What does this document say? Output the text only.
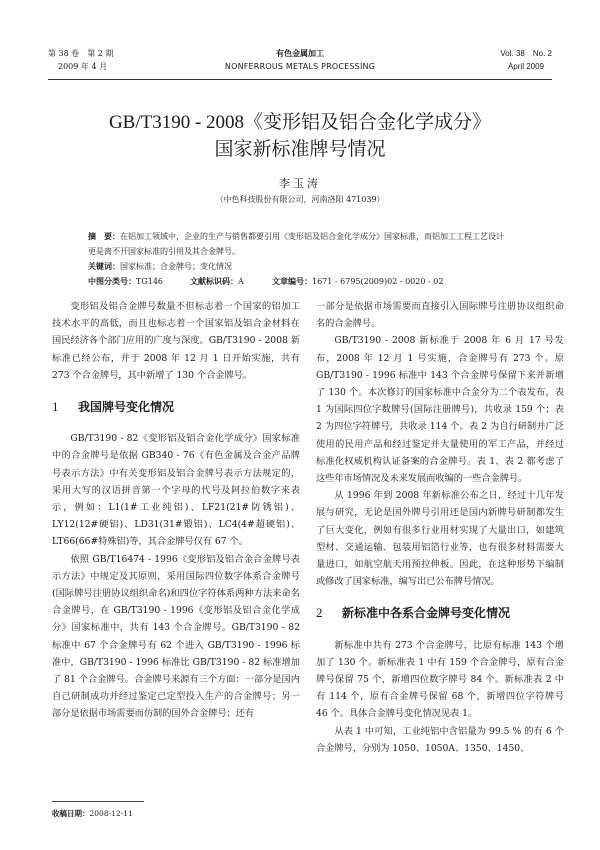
第 38 卷　第 2 期
2009 年 4 月
有色金属加工
NONFERROUS METALS PROCESSING
Vol. 38　No. 2
April 2009
GB/T3190 - 2008《变形铝及铝合金化学成分》
国家新标准牌号情况
李玉涛
（中色科技股份有限公司，河南洛阳 471039）
摘　要：在铝加工领域中，企业的生产与销售都要引用《变形铝及铝合金化学成分》国家标准，而铝加工工程工艺设计更是离不开国家标准的引用及其合金牌号。
关键词：国家标准；合金牌号；变化情况
中图分类号：TG146	文献标识码：A	文章编号：1671 - 6795(2009)02 - 0020 - 02

变形铝及铝合金牌号数量不但标志着一个国家的铝加工技术水平的高低，而且也标志着一个国家铝及铝合金材料在国民经济各个部门应用的广度与深度。GB/T3190 - 2008 新标准已经公布，并于 2008 年 12 月 1 日开始实施，共有 273 个合金牌号，其中新增了 130 个合金牌号。

1 我国牌号变化情况

GB/T3190 - 82《变形铝及铝合金化学成分》国家标准中的合金牌号是依据 GB340 - 76《有色金属及合金产品牌号表示方法》中有关变形铝及铝合金牌号表示方法规定的，采用大写的汉语拼音第一个字母的代号及阿拉伯数字来表示，例如：L1(1#工业纯铝)、LF21(21#防锈铝)、LY12(12#硬铝)、LD31(31#锻铝)、LC4(4#超硬铝)、LT66(66#特殊铝)等，其合金牌号仅有 67 个。

依照 GB/T16474 - 1996《变形铝及铝合金合金牌号表示方法》中规定及其原则，采用国际四位数字体系合金牌号(国际牌号注册协议组织命名)和四位字符体系两种方法来命名合金牌号，在 GB/T3190 - 1996《变形铝及铝合金化学成分》国家标准中，共有 143 个合金牌号。GB/T3190 - 82 标准中 67 个合金牌号有 62 个进入 GB/T3190 - 1996 标准中，GB/T3190 - 1996 标准比 GB/T3190 - 82 标准增加了 81 个合金牌号。合金牌号来源有三个方面：一部分是国内自己研制成功并经过鉴定已定型投入生产的合金牌号；另一部分是依据市场需要而仿制的国外合金牌号；还有

收稿日期：2008-12-11

一部分是依据市场需要而直接引入国际牌号注册协议组织命名的合金牌号。

GB/T3190 - 2008 新标准于 2008 年 6 月 17 号发布，2008 年 12 月 1 号实施，合金牌号有 273 个。原 GB/T3190 - 1996 标准中 143 个合金牌号保留下来并新增了 130 个。本次修订的国家标准中合金分为二个表发布，表 1 为国际四位字数牌号(国际注册牌号)，共收录 159 个；表 2 为四位字符牌号，共收录 114 个。表 2 为自行研制并广泛使用的民用产品和经过鉴定并大量使用的军工产品，并经过标准化权威机构认证备案的合金牌号。表 1、表 2 都考虑了这些年市场情况及未来发展而收编的一些合金牌号。

从 1996 年到 2008 年新标准公布之日，经过十几年发展与研究，无论是国外牌号引用还是国内新牌号研制都发生了巨大变化，例如有很多行业用材实现了大量出口，如建筑型材、交通运输、包装用铝箔行业等，也有很多材料需要大量进口，如航空航天用预拉伸板。因此，在这种形势下编制或修改了国家标准，编写出已公布牌号情况。

2 新标准中各系合金牌号变化情况

新标准中共有 273 个合金牌号，比原有标准 143 个增加了 130 个。新标准表 1 中有 159 个合金牌号，原有合金牌号保留 75 个，新增四位数字牌号 84 个。新标准表 2 中有 114 个，原有合金牌号保留 68 个，新增四位字符牌号 46 个。具体合金牌号变化情况见表 1。

从表 1 中可知，工业纯铝中含铝量为 99.5 % 的有 6 个合金牌号，分别为 1050、1050A、1350、1450、
